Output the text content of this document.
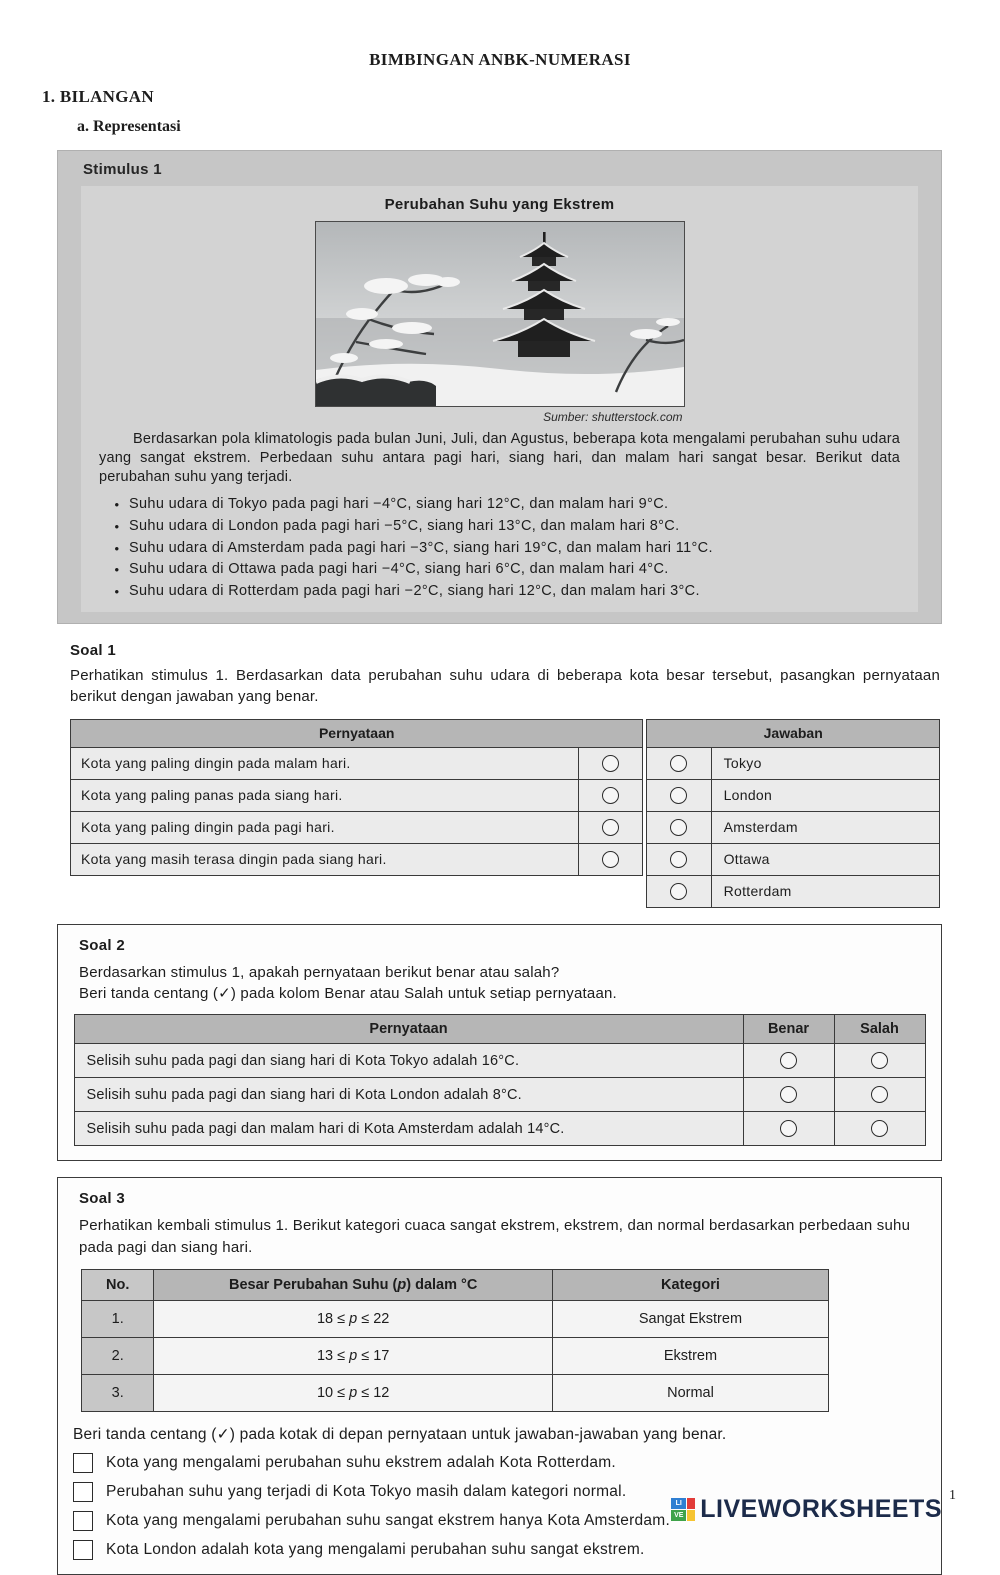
BIMBINGAN ANBK-NUMERASI
1. BILANGAN
a. Representasi
Stimulus 1
Perubahan Suhu yang Ekstrem
Sumber: shutterstock.com

Berdasarkan pola klimatologis pada bulan Juni, Juli, dan Agustus, beberapa kota mengalami perubahan suhu udara yang sangat ekstrem. Perbedaan suhu antara pagi hari, siang hari, dan malam hari sangat besar. Berikut data perubahan suhu yang terjadi.

• Suhu udara di Tokyo pada pagi hari −4°C, siang hari 12°C, dan malam hari 9°C.
• Suhu udara di London pada pagi hari −5°C, siang hari 13°C, dan malam hari 8°C.
• Suhu udara di Amsterdam pada pagi hari −3°C, siang hari 19°C, dan malam hari 11°C.
• Suhu udara di Ottawa pada pagi hari −4°C, siang hari 6°C, dan malam hari 4°C.
• Suhu udara di Rotterdam pada pagi hari −2°C, siang hari 12°C, dan malam hari 3°C.
Soal 1

Perhatikan stimulus 1. Berdasarkan data perubahan suhu udara di beberapa kota besar tersebut, pasangkan pernyataan berikut dengan jawaban yang benar.

Pernyataan	
Kota yang paling dingin pada malam hari.	
Kota yang paling panas pada siang hari.	
Kota yang paling dingin pada pagi hari.	
Kota yang masih terasa dingin pada siang hari.	
Jawaban	
	Tokyo
	London
	Amsterdam
	Ottawa
	Rotterdam
Soal 2

Berdasarkan stimulus 1, apakah pernyataan berikut benar atau salah?

Beri tanda centang (✓) pada kolom Benar atau Salah untuk setiap pernyataan.

Pernyataan	Benar	Salah
Selisih suhu pada pagi dan siang hari di Kota Tokyo adalah 16°C.		
Selisih suhu pada pagi dan siang hari di Kota London adalah 8°C.		
Selisih suhu pada pagi dan malam hari di Kota Amsterdam adalah 14°C.		
Soal 3

Perhatikan kembali stimulus 1. Berikut kategori cuaca sangat ekstrem, ekstrem, dan normal berdasarkan perbedaan suhu pada pagi dan siang hari.

No.	Besar Perubahan Suhu (p) dalam °C	Kategori
1.	18 ≤ p ≤ 22	Sangat Ekstrem
2.	13 ≤ p ≤ 17	Ekstrem
3.	10 ≤ p ≤ 12	Normal

Beri tanda centang (✓) pada kotak di depan pernyataan untuk jawaban-jawaban yang benar.

Kota yang mengalami perubahan suhu ekstrem adalah Kota Rotterdam.
Perubahan suhu yang terjadi di Kota Tokyo masih dalam kategori normal.
Kota yang mengalami perubahan suhu sangat ekstrem hanya Kota Amsterdam.
Kota London adalah kota yang mengalami perubahan suhu sangat ekstrem.
1
LI
VE LIVEWORKSHEETS
